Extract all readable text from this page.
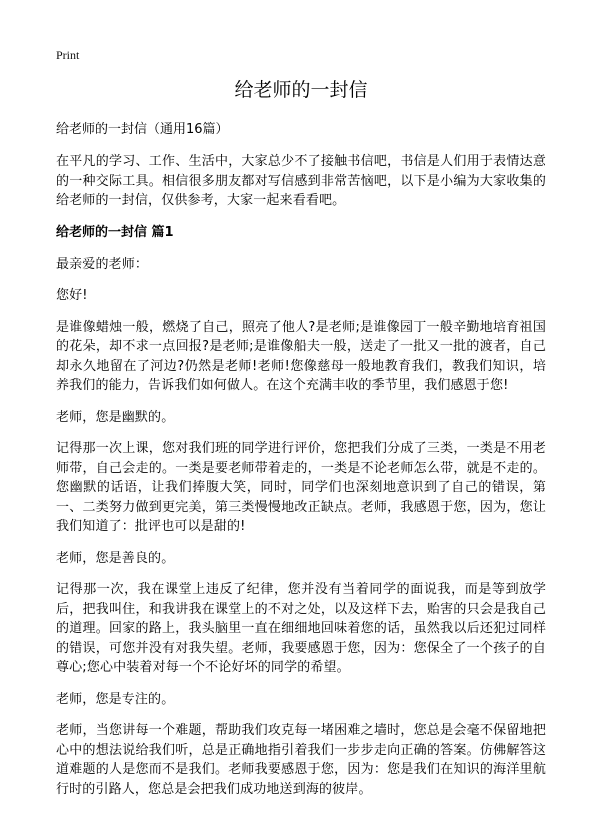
Print
给老师的一封信
给老师的一封信（通用16篇）

在平凡的学习、工作、生活中，大家总少不了接触书信吧，书信是人们用于表情达意的一种交际工具。相信很多朋友都对写信感到非常苦恼吧，以下是小编为大家收集的给老师的一封信，仅供参考，大家一起来看看吧。

给老师的一封信 篇1

最亲爱的老师：

您好!

是谁像蜡烛一般，燃烧了自己，照亮了他人?是老师;是谁像园丁一般辛勤地培育祖国的花朵，却不求一点回报?是老师;是谁像船夫一般，送走了一批又一批的渡者，自己却永久地留在了河边?仍然是老师!老师!您像慈母一般地教育我们，教我们知识，培养我们的能力，告诉我们如何做人。在这个充满丰收的季节里，我们感恩于您!

老师，您是幽默的。

记得那一次上课，您对我们班的同学进行评价，您把我们分成了三类，一类是不用老师带，自己会走的。一类是要老师带着走的，一类是不论老师怎么带，就是不走的。您幽默的话语，让我们捧腹大笑，同时，同学们也深刻地意识到了自己的错误，第一、二类努力做到更完美，第三类慢慢地改正缺点。老师，我感恩于您，因为，您让我们知道了：批评也可以是甜的!

老师，您是善良的。

记得那一次，我在课堂上违反了纪律，您并没有当着同学的面说我，而是等到放学后，把我叫住，和我讲我在课堂上的不对之处，以及这样下去，贻害的只会是我自己的道理。回家的路上，我头脑里一直在细细地回味着您的话，虽然我以后还犯过同样的错误，可您并没有对我失望。老师，我要感恩于您，因为：您保全了一个孩子的自尊心;您心中装着对每一个不论好坏的同学的希望。

老师，您是专注的。

老师，当您讲每一个难题，帮助我们攻克每一堵困难之墙时，您总是会毫不保留地把心中的想法说给我们听，总是正确地指引着我们一步步走向正确的答案。仿佛解答这道难题的人是您而不是我们。老师我要感恩于您，因为：您是我们在知识的海洋里航行时的引路人，您总是会把我们成功地送到海的彼岸。
